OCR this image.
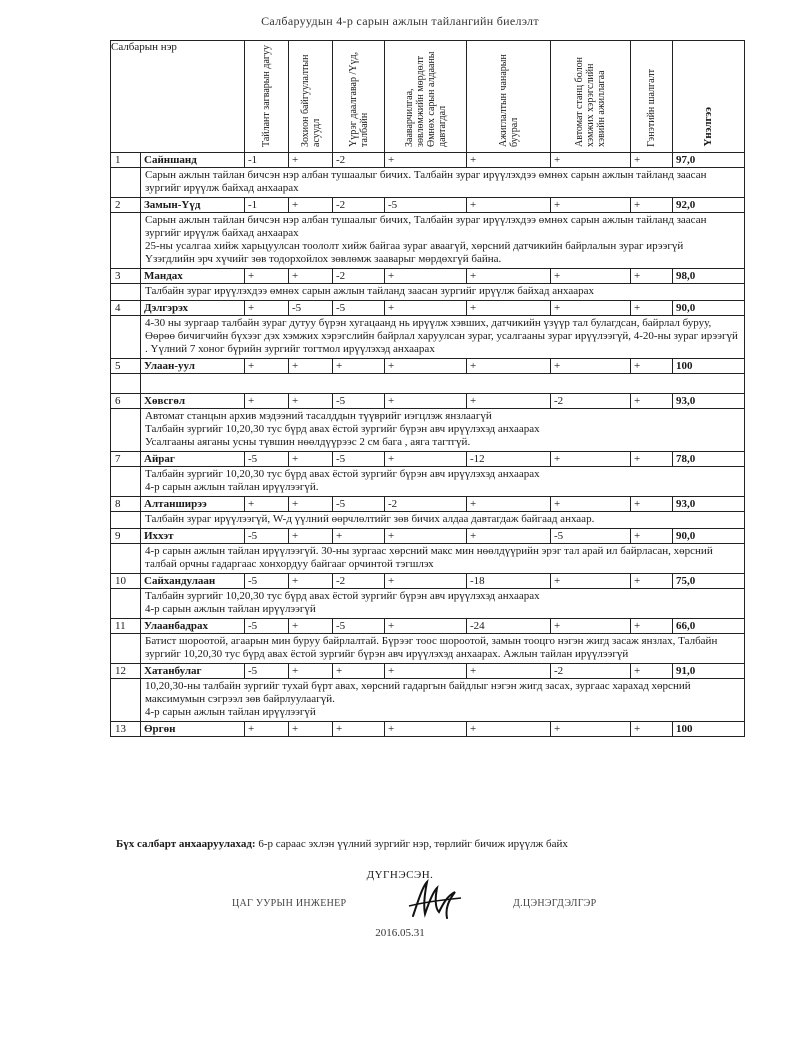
Салбаруудын 4-р сарын ажлын тайлангийн биелэлт
Салбарын нэр		Тайлант загварын дагуу	Зохион байгуулалтын асуудл	Үүрэг даалгавар /Үүд, талбайн	Зааварчилгаа, зөвлөмжийн мөрдөлт Өмнөх сарын алдааны давтагдал	Ажиглалтын чанарын буурал	Автомат станц болон хэмжих хэрэгслийн хэвийн ажиллагаа	Гэнэтийн шалгалт	Үнэлгээ
1	Сайншанд	-1	+	-2	+	+	+	+	97,0

	Сарын ажлын тайлан бичсэн нэр албан тушаалыг бичих. Талбайн зураг ирүүлэхдээ өмнөх сарын ажлын тайланд заасан зургийг ирүүлж байхад анхаарах								

2	Замын-Үүд	-1	+	-2	-5	+	+	+	92,0

	Сарын ажлын тайлан бичсэн нэр албан тушаалыг бичих, Талбайн зураг ирүүлэхдээ өмнөх сарын ажлын тайланд заасан зургийг ирүүлж байхад анхаарах
25-ны усалгаа хийж харьцуулсан тоололт хийж байгаа зураг аваагүй, хөрсний датчикийн байрлалын зураг ирээгүй
Үзэгдлийн эрч хүчийг зөв тодорхойлох зөвлөмж зааварыг мөрдөхгүй байна.								

3	Мандах	+	+	-2	+	+	+	+	98,0

	Талбайн зураг ирүүлэхдээ өмнөх сарын ажлын тайланд заасан зургийг ирүүлж байхад анхаарах								

4	Дэлгэрэх	+	-5	-5	+	+	+	+	90,0

	4-30 ны зургаар талбайн зураг дутуу бүрэн хугацаанд нь ирүүлж хэвших, датчикийн үзүүр тал булагдсан, байрлал буруу, Өөрөө бичигчийн бүхээг дэх хэмжих хэрэгслийн байрлал харуулсан зураг, усалгааны зураг ирүүлээгүй, 4-20-ны зураг ирээгүй
. Үүлний 7 хоног бүрийн зургийг тогтмол ирүүлэхэд анхаарах								

5	Улаан-уул	+	+	+	+	+	+	+	100

6	Хөвсгөл	+	+	-5	+	+	-2	+	93,0

	Автомат станцын архив мэдээний тасалддын түүврийг иэгцлэж янзлаагүй
Талбайн зургийг 10,20,30 тус бүрд авах ёстой зургийг бүрэн авч ирүүлэхэд анхаарах
Усалгааны аяганы усны түвшин нөөлдүүрээс 2 см бага , аяга тагтгүй.								

7	Айраг	-5	+	-5	+	-12	+	+	78,0

	Талбайн зургийг 10,20,30 тус бүрд авах ёстой зургийг бүрэн авч ирүүлэхэд анхаарах
4-р сарын ажлын тайлан ирүүлээгүй.								

8	Алтанширээ	+	+	-5	-2	+	+	+	93,0

	Талбайн зураг ирүүлээгүй, W-д үүлний өөрчлөлтийг зөв бичих алдаа давтагдаж байгаад анхаар.								

9	Иххэт	-5	+	+	+	+	-5	+	90,0

	4-р сарын ажлын тайлан ирүүлээгүй. 30-ны зургаас хөрсний макс мин нөөлдүүрийн эрэг тал арай ил байрласан, хөрсний талбай орчны гадаргаас хонхордуу байгааг орчинтой тэгшлэх								

10	Сайхандулаан	-5	+	-2	+	-18	+	+	75,0

	Талбайн зургийг 10,20,30 тус бүрд авах ёстой зургийг бүрэн авч ирүүлэхэд анхаарах
4-р сарын ажлын тайлан ирүүлээгүй								

11	Улаанбадрах	-5	+	-5	+	-24	+	+	66,0

	Батист шороотой, агаарын мин буруу байрлалтай. Бүрээг тоос шороотой, замын тооцго нэгэн жигд засаж янзлах, Талбайн зургийг 10,20,30 тус бүрд авах ёстой зургийг бүрэн авч ирүүлэхэд анхаарах. Ажлын тайлан ирүүлээгүй								

12	Хатанбулаг	-5	+	+	+	+	-2	+	91,0

	10,20,30-ны талбайн зургийг тухай бүрт авах, хөрсний гадаргын байдлыг нэгэн жигд засах, зургаас харахад хөрсний максимумын сэгрээл зөв байрлуулаагүй.
4-р сарын ажлын тайлан ирүүлээгүй								

13	Өргөн	+	+	+	+	+	+	+	100
Бүх салбарт анхааруулахад: 6-р сараас эхлэн үүлний зургийг нэр, төрлийг бичиж ирүүлж байх
ДҮГНЭСЭН.
ЦАГ УУРЫН ИНЖЕНЕР	Д.ЦЭНЭГДЭЛГЭР
2016.05.31
